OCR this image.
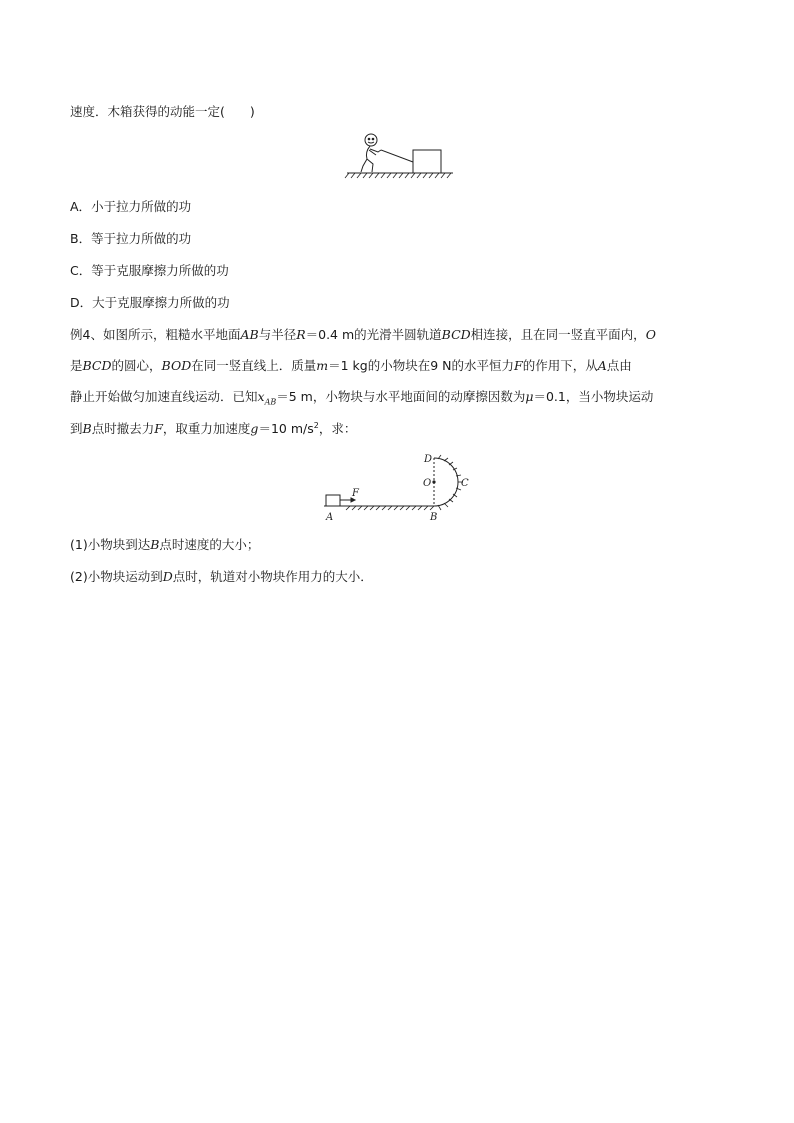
速度．木箱获得的动能一定(　　)
A．小于拉力所做的功
B．等于拉力所做的功
C．等于克服摩擦力所做的功
D．大于克服摩擦力所做的功
例4、如图所示，粗糙水平地面AB与半径R＝0.4 m的光滑半圆轨道BCD相连接，且在同一竖直平面内，O
是BCD的圆心，BOD在同一竖直线上．质量m＝1 kg的小物块在9 N的水平恒力F的作用下，从A点由
静止开始做匀加速直线运动．已知$x_{AB}=5$ m，小物块与水平地面间的动摩擦因数为μ＝0.1，当小物块运动
到B点时撤去力F，取重力加速度g＝10 $m/s^2$，求：
F
A	B
C
D
O
(1)小物块到达B点时速度的大小；
(2)小物块运动到D点时，轨道对小物块作用力的大小．
